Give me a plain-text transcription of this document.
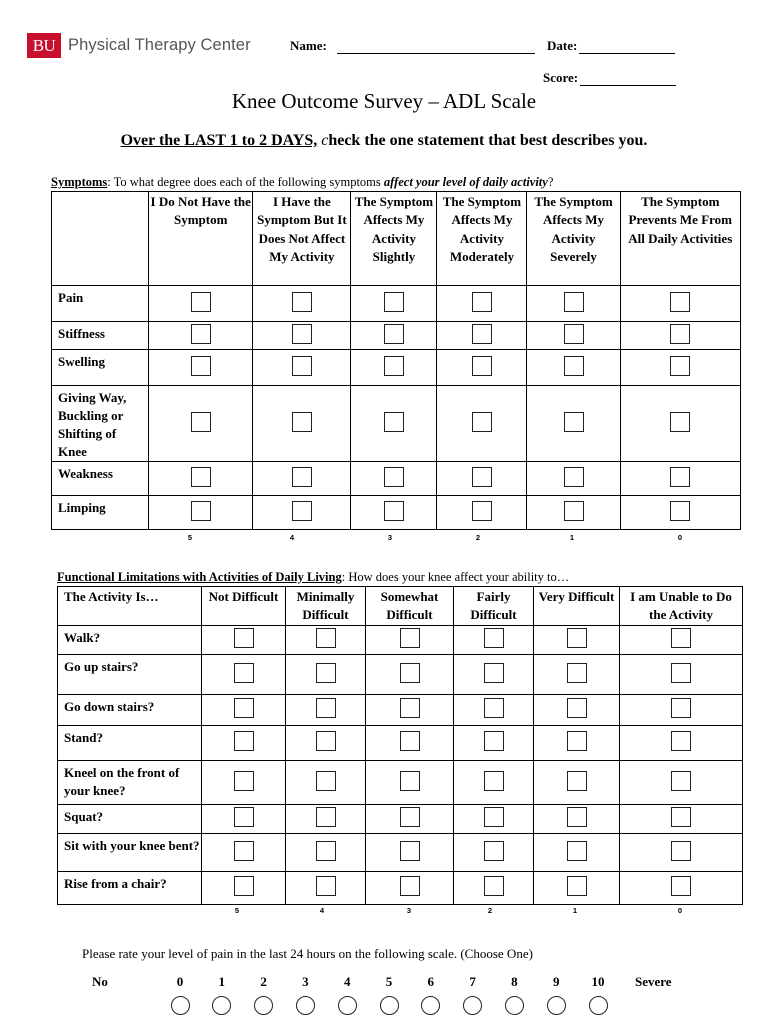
BU Physical Therapy Center	Name:	Date:
Score:
Knee Outcome Survey – ADL Scale
Over the LAST 1 to 2 DAYS, check the one statement that best describes you.
Symptoms: To what degree does each of the following symptoms affect your level of daily activity?
	I Do Not Have the Symptom	I Have the Symptom But It Does Not Affect My Activity	The Symptom Affects My Activity Slightly	The Symptom Affects My Activity Moderately	The Symptom Affects My Activity Severely	The Symptom Prevents Me From All Daily Activities
Pain						
Stiffness						
Swelling						
Giving Way, Buckling or Shifting of Knee						
Weakness						
Limping						
5	4	3	2	1	0
Functional Limitations with Activities of Daily Living: How does your knee affect your ability to…
The Activity Is…	Not Difficult	Minimally Difficult	Somewhat Difficult	Fairly Difficult	Very Difficult	I am Unable to Do the Activity
Walk?						
Go up stairs?						
Go down stairs?						
Stand?						
Kneel on the front of your knee?						
Squat?						
Sit with your knee bent?						
Rise from a chair?						
5	4	3	2	1	0
Please rate your level of pain in the last 24 hours on the following scale. (Choose One)
No	Severe
0	1	2	3	4	5	6	7	8	9	10
